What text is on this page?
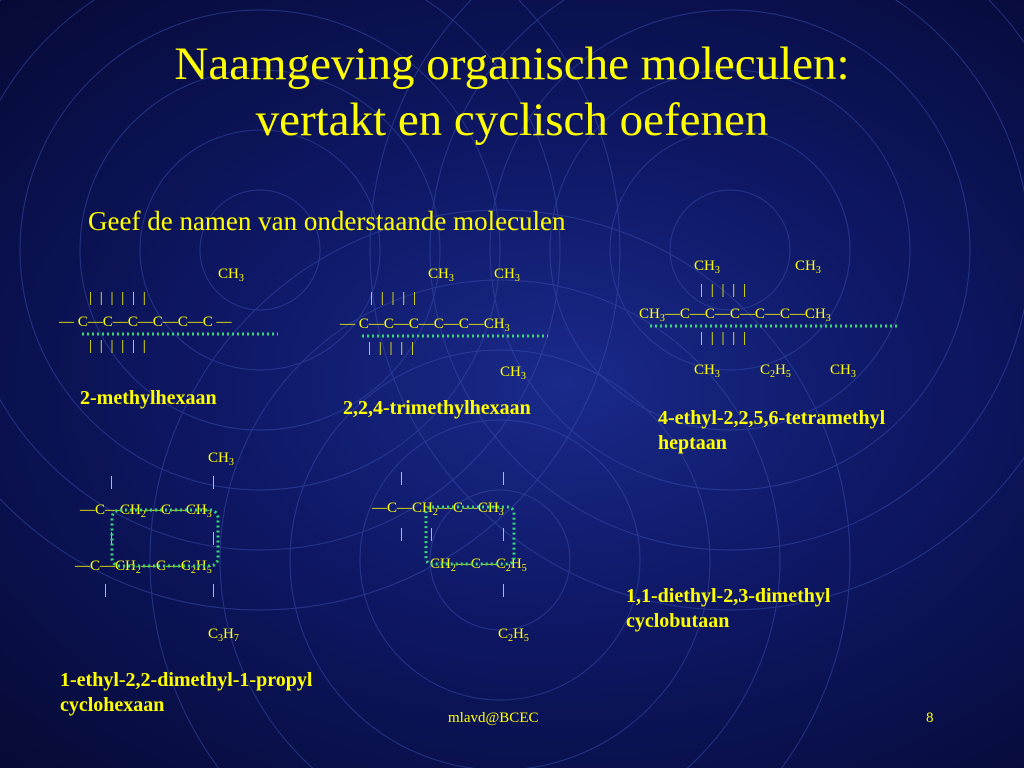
Naamgeving organische moleculen:
vertakt en cyclisch oefenen
Geef de namen van onderstaande moleculen
$CH_3$
| | | | | |
— C—C—C—C—C—C —
| | | | | |
2-methylhexaan
$CH_3$	$CH_3$
| | | | |
— $C—C—C—C—C—CH_3$
| | | | |
$CH_3$
2,2,4-trimethylhexaan
$CH_3$	$CH_3$
| | | | |
$CH_3—C—C—C—C—C—CH_3$
| | | | |
$CH_3$	$C_2H_5$	$CH_3$
4-ethyl-2,2,5,6-tetramethyl
heptaan
$CH_3$
|	|
$—C—CH_2—C—CH_3$
|	|
$—C—CH_2—C—C_2H_5$
|	|
$C_3H_7$
1-ethyl-2,2-dimethyl-1-propyl
cyclohexaan
|	|
$—C—CH_2—C—CH_3$
| |	|
$CH_2—C—C_2H_5$
|
$C_2H_5$
1,1-diethyl-2,3-dimethyl
cyclobutaan
mlavd@BCEC	8
